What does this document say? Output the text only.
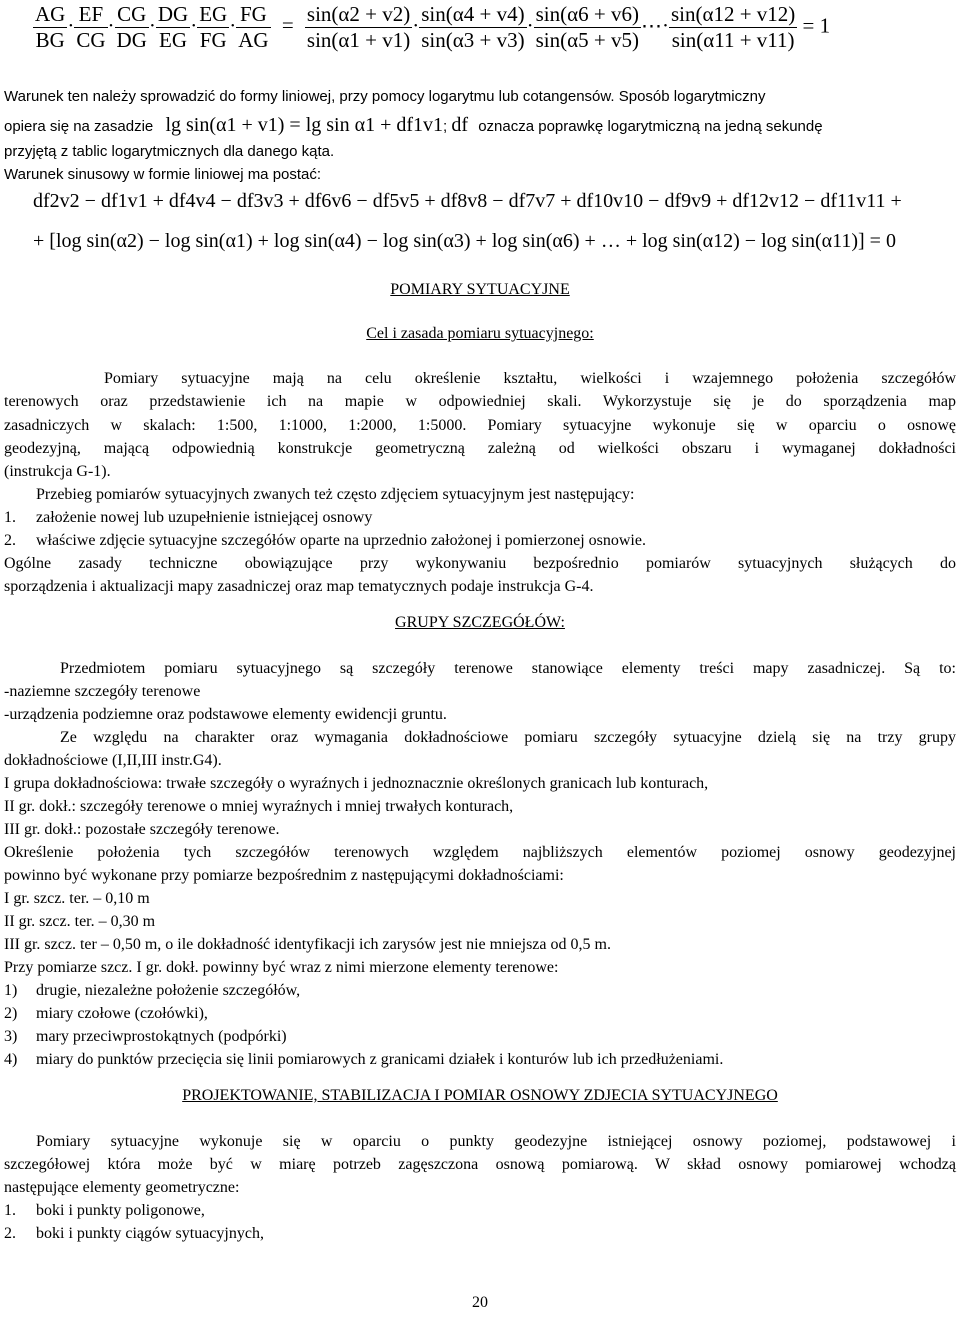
$\frac{AG}{BG} \cdot \frac{EF}{CG} \cdot \frac{CG}{DG} \cdot \frac{DG}{EG} \cdot \frac{EG}{FG} \cdot \frac{FG}{AG} = \frac{\sin(\alpha 2 + v2)}{\sin(\alpha 1 + v1)} \cdot \frac{\sin(\alpha 4 + v4)}{\sin(\alpha 3 + v3)} \cdot \frac{\sin(\alpha 6 + v6)}{\sin(\alpha 5 + v5)}$ ⋯· $\frac{\sin(\alpha 12 + v12)}{\sin(\alpha 11 + v11)} = 1$
Warunek ten należy sprowadzić do formy liniowej, przy pomocy logarytmu lub cotangensów. Sposób logarytmiczny
opiera się na zasadzie lg sin(α1 + v1) = lg sin α1 + df1v1; df oznacza poprawkę logarytmiczną na jedną sekundę
przyjętą z tablic logarytmicznych dla danego kąta.
Warunek sinusowy w formie liniowej ma postać:
df2v2 − df1v1 + df4v4 − df3v3 + df6v6 − df5v5 + df8v8 − df7v7 + df10v10 − df9v9 + df12v12 − df11v11 +
+ [log sin(α2) − log sin(α1) + log sin(α4) − log sin(α3) + log sin(α6) + … + log sin(α12) − log sin(α11)] = 0
POMIARY SYTUACYJNE
Cel i zasada pomiaru sytuacyjnego:
Pomiary sytuacyjne mają na celu określenie kształtu, wielkości i wzajemnego położenia szczegółów
terenowych oraz przedstawienie ich na mapie w odpowiedniej skali. Wykorzystuje się je do sporządzenia map
zasadniczych w skalach: 1:500, 1:1000, 1:2000, 1:5000. Pomiary sytuacyjne wykonuje się w oparciu o osnowę
geodezyjną, mającą odpowiednią konstrukcje geometryczną zależną od wielkości obszaru i wymaganej dokładności
(instrukcja G-1).
Przebieg pomiarów sytuacyjnych zwanych też często zdjęciem sytuacyjnym jest następujący:
1. założenie nowej lub uzupełnienie istniejącej osnowy
2. właściwe zdjęcie sytuacyjne szczegółów oparte na uprzednio założonej i pomierzonej osnowie.
Ogólne zasady techniczne obowiązujące przy wykonywaniu bezpośrednio pomiarów sytuacyjnych służących do
sporządzenia i aktualizacji mapy zasadniczej oraz map tematycznych podaje instrukcja G-4.
GRUPY SZCZEGÓŁÓW:
Przedmiotem pomiaru sytuacyjnego są szczegóły terenowe stanowiące elementy treści mapy zasadniczej. Są to:
-naziemne szczegóły terenowe
-urządzenia podziemne oraz podstawowe elementy ewidencji gruntu.
Ze względu na charakter oraz wymagania dokładnościowe pomiaru szczegóły sytuacyjne dzielą się na trzy grupy
dokładnościowe (I,II,III instr.G4).
I grupa dokładnościowa: trwałe szczegóły o wyraźnych i jednoznacznie określonych granicach lub konturach,
II gr. dokł.: szczegóły terenowe o mniej wyraźnych i mniej trwałych konturach,
III gr. dokł.: pozostałe szczegóły terenowe.
Określenie położenia tych szczegółów terenowych względem najbliższych elementów poziomej osnowy geodezyjnej
powinno być wykonane przy pomiarze bezpośrednim z następującymi dokładnościami:
I gr. szcz. ter. – 0,10 m
II gr. szcz. ter. – 0,30 m
III gr. szcz. ter – 0,50 m, o ile dokładność identyfikacji ich zarysów jest nie mniejsza od 0,5 m.
Przy pomiarze szcz. I gr. dokł. powinny być wraz z nimi mierzone elementy terenowe:
1) drugie, niezależne położenie szczegółów,
2) miary czołowe (czołówki),
3) mary przeciwprostokątnych (podpórki)
4) miary do punktów przecięcia się linii pomiarowych z granicami działek i konturów lub ich przedłużeniami.
PROJEKTOWANIE, STABILIZACJA I POMIAR OSNOWY ZDJECIA SYTUACYJNEGO
Pomiary sytuacyjne wykonuje się w oparciu o punkty geodezyjne istniejącej osnowy poziomej, podstawowej i
szczegółowej która może być w miarę potrzeb zagęszczona osnową pomiarową. W skład osnowy pomiarowej wchodzą
następujące elementy geometryczne:
1. boki i punkty poligonowe,
2. boki i punkty ciągów sytuacyjnych,
20
